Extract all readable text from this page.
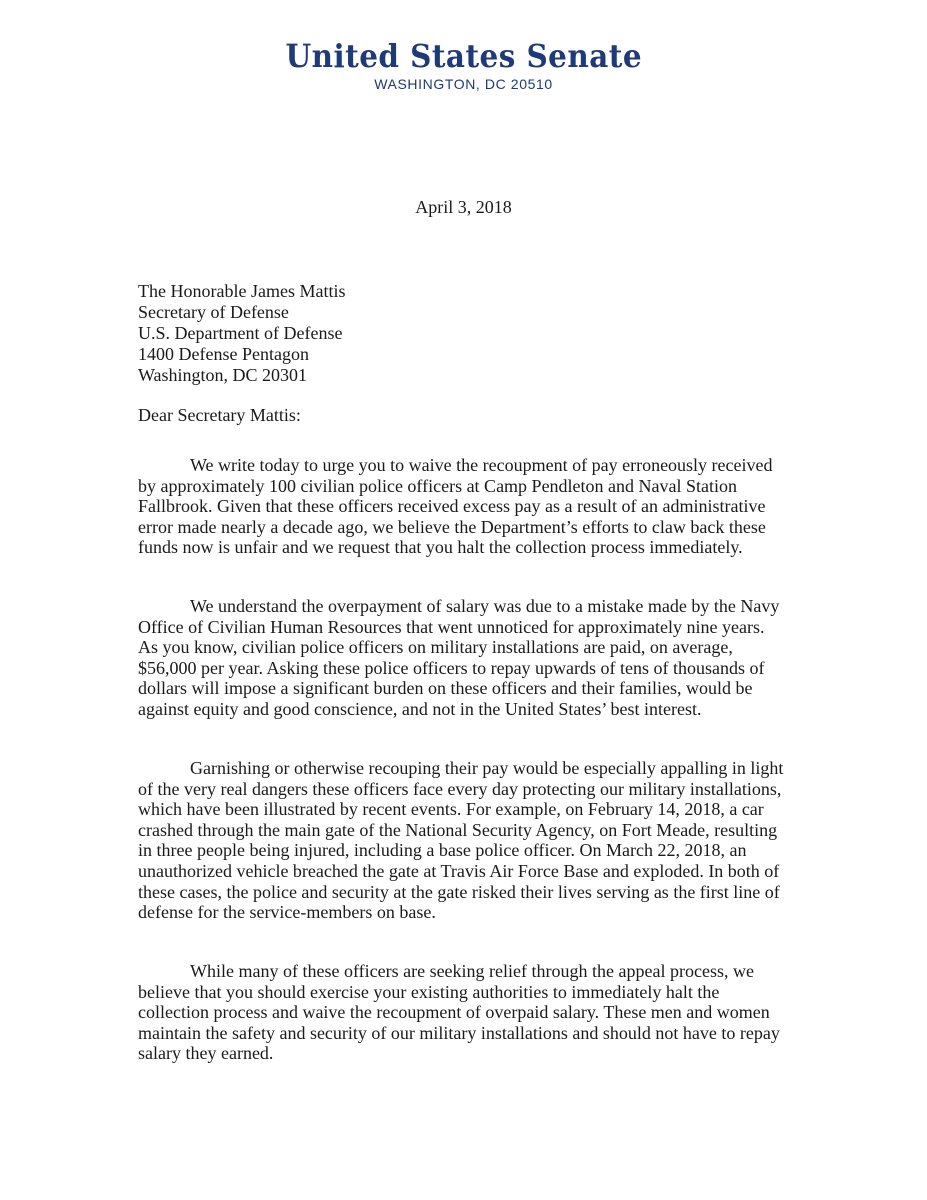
United States Senate
WASHINGTON, DC 20510
April 3, 2018
The Honorable James Mattis
Secretary of Defense
U.S. Department of Defense
1400 Defense Pentagon
Washington, DC 20301
Dear Secretary Mattis:
We write today to urge you to waive the recoupment of pay erroneously received
by approximately 100 civilian police officers at Camp Pendleton and Naval Station
Fallbrook. Given that these officers received excess pay as a result of an administrative
error made nearly a decade ago, we believe the Department’s efforts to claw back these
funds now is unfair and we request that you halt the collection process immediately.
We understand the overpayment of salary was due to a mistake made by the Navy
Office of Civilian Human Resources that went unnoticed for approximately nine years.
As you know, civilian police officers on military installations are paid, on average,
$56,000 per year. Asking these police officers to repay upwards of tens of thousands of
dollars will impose a significant burden on these officers and their families, would be
against equity and good conscience, and not in the United States’ best interest.
Garnishing or otherwise recouping their pay would be especially appalling in light
of the very real dangers these officers face every day protecting our military installations,
which have been illustrated by recent events. For example, on February 14, 2018, a car
crashed through the main gate of the National Security Agency, on Fort Meade, resulting
in three people being injured, including a base police officer. On March 22, 2018, an
unauthorized vehicle breached the gate at Travis Air Force Base and exploded. In both of
these cases, the police and security at the gate risked their lives serving as the first line of
defense for the service-members on base.
While many of these officers are seeking relief through the appeal process, we
believe that you should exercise your existing authorities to immediately halt the
collection process and waive the recoupment of overpaid salary. These men and women
maintain the safety and security of our military installations and should not have to repay
salary they earned.
